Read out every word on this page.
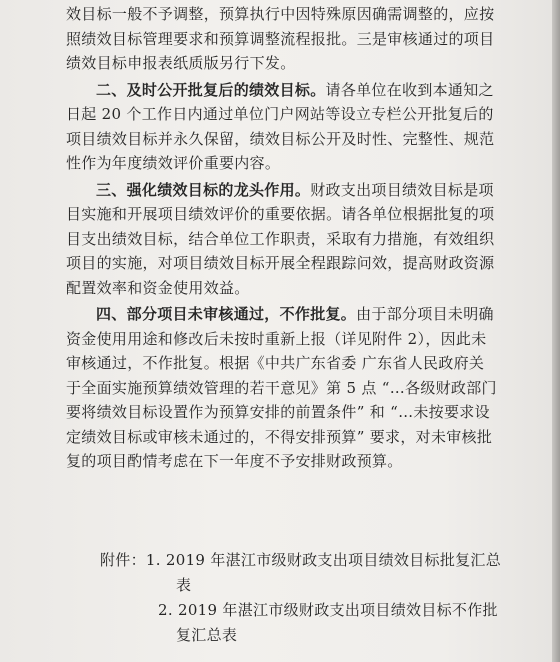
效目标一般不予调整，预算执行中因特殊原因确需调整的，应按
照绩效目标管理要求和预算调整流程报批。三是审核通过的项目
绩效目标申报表纸质版另行下发。
二、及时公开批复后的绩效目标。请各单位在收到本通知之
日起 20 个工作日内通过单位门户网站等设立专栏公开批复后的
项目绩效目标并永久保留，绩效目标公开及时性、完整性、规范
性作为年度绩效评价重要内容。
三、强化绩效目标的龙头作用。财政支出项目绩效目标是项
目实施和开展项目绩效评价的重要依据。请各单位根据批复的项
目支出绩效目标，结合单位工作职责，采取有力措施，有效组织
项目的实施，对项目绩效目标开展全程跟踪问效，提高财政资源
配置效率和资金使用效益。
四、部分项目未审核通过，不作批复。由于部分项目未明确
资金使用用途和修改后未按时重新上报（详见附件 2），因此未
审核通过，不作批复。根据《中共广东省委 广东省人民政府关
于全面实施预算绩效管理的若干意见》第 5 点 “…各级财政部门
要将绩效目标设置作为预算安排的前置条件” 和 “…未按要求设
定绩效目标或审核未通过的，不得安排预算” 要求，对未审核批
复的项目酌情考虑在下一年度不予安排财政预算。
附件：1. 2019 年湛江市级财政支出项目绩效目标批复汇总
表
2. 2019 年湛江市级财政支出项目绩效目标不作批
复汇总表
